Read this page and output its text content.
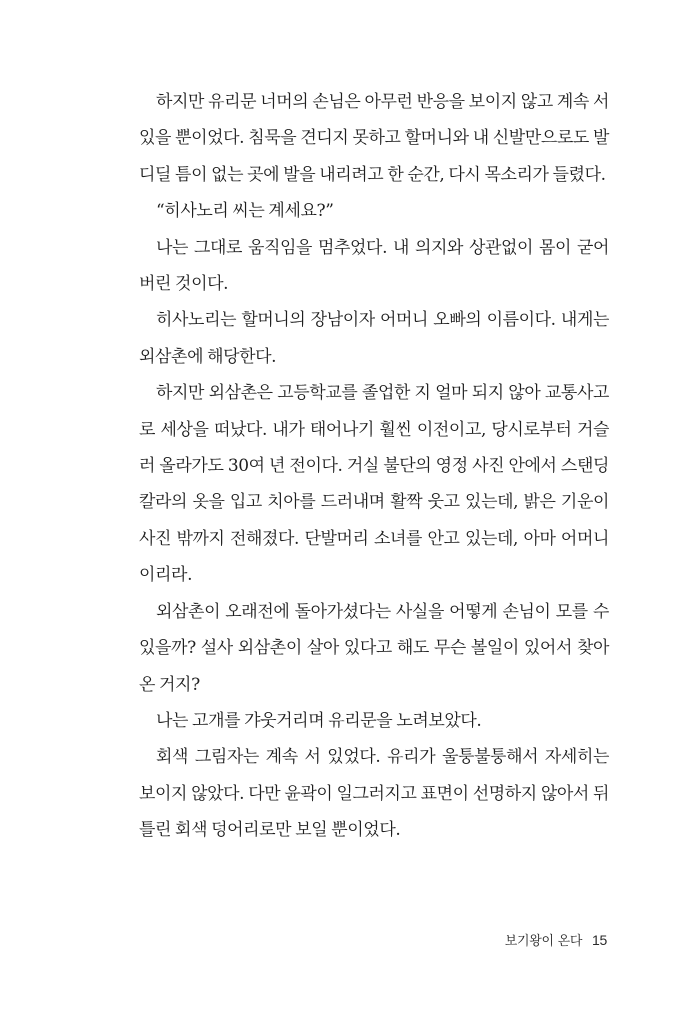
하지만 유리문 너머의 손님은 아무런 반응을 보이지 않고 계속 서 있을 뿐이었다. 침묵을 견디지 못하고 할머니와 내 신발만으로도 발 디딜 틈이 없는 곳에 발을 내리려고 한 순간, 다시 목소리가 들렸다.

“히사노리 씨는 계세요?”

나는 그대로 움직임을 멈추었다. 내 의지와 상관없이 몸이 굳어버린 것이다.

히사노리는 할머니의 장남이자 어머니 오빠의 이름이다. 내게는 외삼촌에 해당한다.

하지만 외삼촌은 고등학교를 졸업한 지 얼마 되지 않아 교통사고로 세상을 떠났다. 내가 태어나기 훨씬 이전이고, 당시로부터 거슬러 올라가도 30여 년 전이다. 거실 불단의 영정 사진 안에서 스탠딩 칼라의 옷을 입고 치아를 드러내며 활짝 웃고 있는데, 밝은 기운이 사진 밖까지 전해졌다. 단발머리 소녀를 안고 있는데, 아마 어머니이리라.

외삼촌이 오래전에 돌아가셨다는 사실을 어떻게 손님이 모를 수 있을까? 설사 외삼촌이 살아 있다고 해도 무슨 볼일이 있어서 찾아온 거지?

나는 고개를 갸웃거리며 유리문을 노려보았다.

회색 그림자는 계속 서 있었다. 유리가 울퉁불퉁해서 자세히는 보이지 않았다. 다만 윤곽이 일그러지고 표면이 선명하지 않아서 뒤틀린 회색 덩어리로만 보일 뿐이었다.

보기왕이 온다 15
